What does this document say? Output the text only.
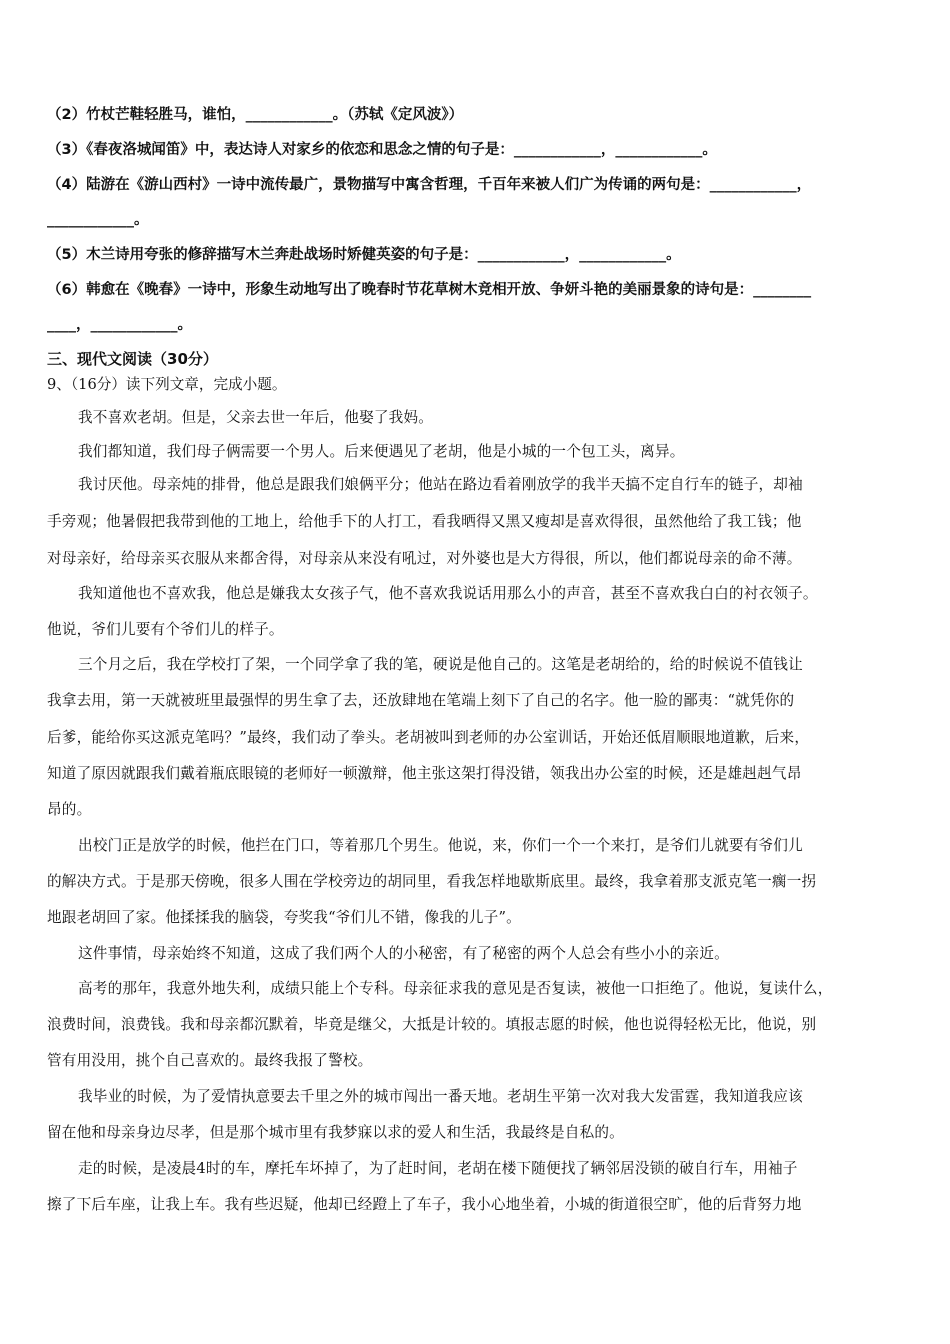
（2）竹杖芒鞋轻胜马，谁怕，____________。（苏轼《定风波》）
（3）《春夜洛城闻笛》中，表达诗人对家乡的依恋和思念之情的句子是：____________，____________。
（4）陆游在《游山西村》一诗中流传最广，景物描写中寓含哲理，千百年来被人们广为传诵的两句是：____________，
____________。
（5）木兰诗用夸张的修辞描写木兰奔赴战场时矫健英姿的句子是：____________，____________。
（6）韩愈在《晚春》一诗中，形象生动地写出了晚春时节花草树木竞相开放、争妍斗艳的美丽景象的诗句是：________
____，____________。
三、现代文阅读（30分）
9、（16分）读下列文章，完成小题。
我不喜欢老胡。但是，父亲去世一年后，他娶了我妈。
我们都知道，我们母子俩需要一个男人。后来便遇见了老胡，他是小城的一个包工头，离异。
我讨厌他。母亲炖的排骨，他总是跟我们娘俩平分；他站在路边看着刚放学的我半天搞不定自行车的链子，却袖
手旁观；他暑假把我带到他的工地上，给他手下的人打工，看我晒得又黑又瘦却是喜欢得很，虽然他给了我工钱；他
对母亲好，给母亲买衣服从来都舍得，对母亲从来没有吼过，对外婆也是大方得很，所以，他们都说母亲的命不薄。
我知道他也不喜欢我，他总是嫌我太女孩子气，他不喜欢我说话用那么小的声音，甚至不喜欢我白白的衬衣领子。
他说，爷们儿要有个爷们儿的样子。
三个月之后，我在学校打了架，一个同学拿了我的笔，硬说是他自己的。这笔是老胡给的，给的时候说不值钱让
我拿去用，第一天就被班里最强悍的男生拿了去，还放肆地在笔端上刻下了自己的名字。他一脸的鄙夷：“就凭你的
后爹，能给你买这派克笔吗？”最终，我们动了拳头。老胡被叫到老师的办公室训话，开始还低眉顺眼地道歉，后来，
知道了原因就跟我们戴着瓶底眼镜的老师好一顿激辩，他主张这架打得没错，领我出办公室的时候，还是雄赳赳气昂
昂的。
出校门正是放学的时候，他拦在门口，等着那几个男生。他说，来，你们一个一个来打，是爷们儿就要有爷们儿
的解决方式。于是那天傍晚，很多人围在学校旁边的胡同里，看我怎样地歇斯底里。最终，我拿着那支派克笔一瘸一拐
地跟老胡回了家。他揉揉我的脑袋，夸奖我“爷们儿不错，像我的儿子”。
这件事情，母亲始终不知道，这成了我们两个人的小秘密，有了秘密的两个人总会有些小小的亲近。
高考的那年，我意外地失利，成绩只能上个专科。母亲征求我的意见是否复读，被他一口拒绝了。他说，复读什么，
浪费时间，浪费钱。我和母亲都沉默着，毕竟是继父，大抵是计较的。填报志愿的时候，他也说得轻松无比，他说，别
管有用没用，挑个自己喜欢的。最终我报了警校。
我毕业的时候，为了爱情执意要去千里之外的城市闯出一番天地。老胡生平第一次对我大发雷霆，我知道我应该
留在他和母亲身边尽孝，但是那个城市里有我梦寐以求的爱人和生活，我最终是自私的。
走的时候，是凌晨4时的车，摩托车坏掉了，为了赶时间，老胡在楼下随便找了辆邻居没锁的破自行车，用袖子
擦了下后车座，让我上车。我有些迟疑，他却已经蹬上了车子，我小心地坐着，小城的街道很空旷，他的后背努力地
